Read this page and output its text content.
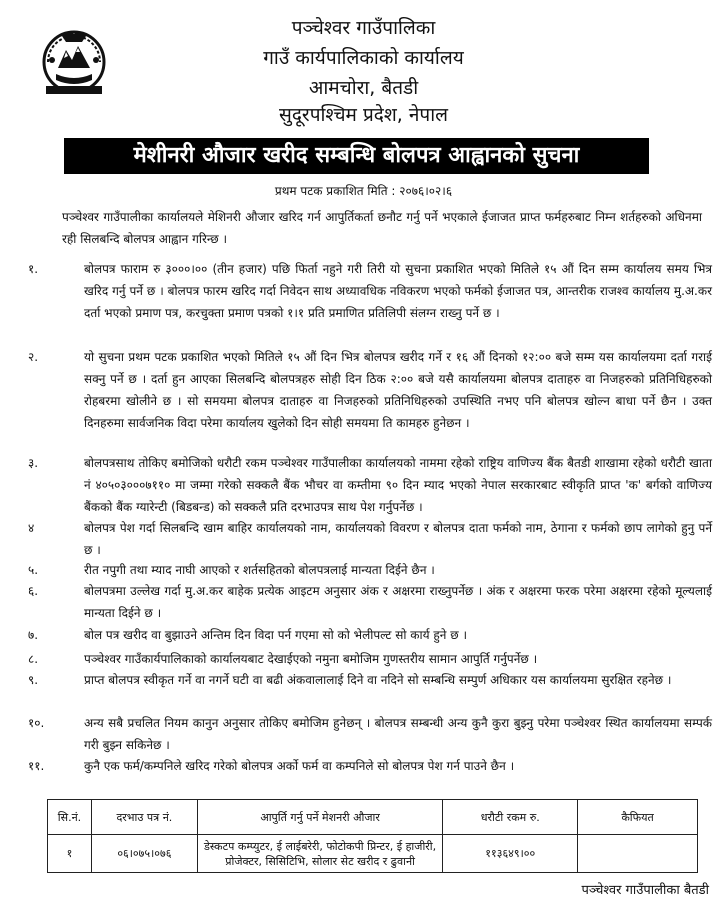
पञ्चेश्वर गाउँपालिका
गाउँ कार्यपालिकाको कार्यालय
आमचोरा, बैतडी
सुदूरपश्चिम प्रदेश, नेपाल
मेशीनरी औजार खरीद सम्बन्धि बोलपत्र आह्वानको सुचना
प्रथम पटक प्रकाशित मिति : २०७६।०२।६
पञ्चेश्वर गाउँपालीका कार्यालयले मेशिनरी औजार खरिद गर्न आपुर्तिकर्ता छनौट गर्नु पर्ने भएकाले ईजाजत प्राप्त फर्महरुबाट निम्न शर्तहरुको अधिनमा रही सिलबन्दि बोलपत्र आह्वान गरिन्छ ।
१.	बोलपत्र फाराम रु ३०००।०० (तीन हजार) पछि फिर्ता नहुने गरी तिरी यो सुचना प्रकाशित भएको मितिले १५ औं दिन सम्म कार्यालय समय भित्र खरिद गर्नु पर्ने छ । बोलपत्र फारम खरिद गर्दा निवेदन साथ अध्यावधिक नविकरण भएको फर्मको ईजाजत पत्र, आन्तरीक राजश्व कार्यालय मु.अ.कर दर्ता भएको प्रमाण पत्र, करचुक्ता प्रमाण पत्रको १।१ प्रति प्रमाणित प्रतिलिपी संलग्न राख्नु पर्ने छ ।
२.	यो सुचना प्रथम पटक प्रकाशित भएको मितिले १५ औं दिन भित्र बोलपत्र खरीद गर्ने र १६ औं दिनको १२:०० बजे सम्म यस कार्यालयमा दर्ता गराई सक्नु पर्ने छ । दर्ता हुन आएका सिलबन्दि बोलपत्रहरु सोही दिन ठिक २:०० बजे यसै कार्यालयमा बोलपत्र दाताहरु वा निजहरुको प्रतिनिधिहरुको रोहबरमा खोलीने छ । सो समयमा बोलपत्र दाताहरु वा निजहरुको प्रतिनिधिहरुको उपस्थिति नभए पनि बोलपत्र खोल्न बाधा पर्ने छैन । उक्त दिनहरुमा सार्वजनिक विदा परेमा कार्यालय खुलेको दिन सोही समयमा ति कामहरु हुनेछन ।
३.	बोलपत्रसाथ तोकिए बमोजिको धरौटी रकम पञ्चेश्वर गाउँपालीका कार्यालयको नाममा रहेको राष्ट्रिय वाणिज्य बैंक बैतडी शाखामा रहेको धरौटी खाता नं ४०५०३०००७११० मा जम्मा गरेको सक्कलै बैंक भौचर वा कम्तीमा ९० दिन म्याद भएको नेपाल सरकारबाट स्वीकृति प्राप्त 'क' बर्गको वाणिज्य बैंकको बैंक ग्यारेन्टी (बिडबन्ड) को सक्कलै प्रति दरभाउपत्र साथ पेश गर्नुपर्नेछ ।
४	बोलपत्र पेश गर्दा सिलबन्दि खाम बाहिर कार्यालयको नाम, कार्यालयको विवरण र बोलपत्र दाता फर्मको नाम, ठेगाना र फर्मको छाप लागेको हुनु पर्ने छ ।
५.	रीत नपुगी तथा म्याद नाघी आएको र शर्तसहितको बोलपत्रलाई मान्यता दिईने छैन ।
६.	बोलपत्रमा उल्लेख गर्दा मु.अ.कर बाहेक प्रत्येक आइटम अनुसार अंक र अक्षरमा राख्नुपर्नेछ । अंक र अक्षरमा फरक परेमा अक्षरमा रहेको मूल्यलाई मान्यता दिईने छ ।
७.	बोल पत्र खरीद वा बुझाउने अन्तिम दिन विदा पर्न गएमा सो को भेलीपल्ट सो कार्य हुने छ ।
८.	पञ्चेश्वर गाउँकार्यपालिकाको कार्यालयबाट देखाईएको नमुना बमोजिम गुणस्तरीय सामान आपुर्ति गर्नुपर्नेछ ।
९.	प्राप्त बोलपत्र स्वीकृत गर्ने वा नगर्ने घटी वा बढी अंकवालालाई दिने वा नदिने सो सम्बन्धि सम्पुर्ण अधिकार यस कार्यालयमा सुरक्षित रहनेछ ।
१०.	अन्य सबै प्रचलित नियम कानुन अनुसार तोकिए बमोजिम हुनेछन् । बोलपत्र सम्बन्धी अन्य कुनै कुरा बुझ्नु परेमा पञ्चेश्वर स्थित कार्यालयमा सम्पर्क गरी बुझ्न सकिनेछ ।
११.	कुनै एक फर्म/कम्पनिले खरिद गरेको बोलपत्र अर्को फर्म वा कम्पनिले सो बोलपत्र पेश गर्न पाउने छैन ।
सि.नं.	दरभाउ पत्र नं.	आपुर्ति गर्नु पर्ने मेशनरी औजार	धरौटी रकम रु.	कैफियत
१	०६।०७५।०७६	डेस्कटप कम्प्युटर, ई लाईबरेरी, फोटोकपी प्रिन्टर, ई हाजीरी, प्रोजेक्टर, सिसिटिभि, सोलार सेट खरीद र ढुवानी	११३६४९।००	
पञ्चेश्वर गाउँपालीका बैतडी
